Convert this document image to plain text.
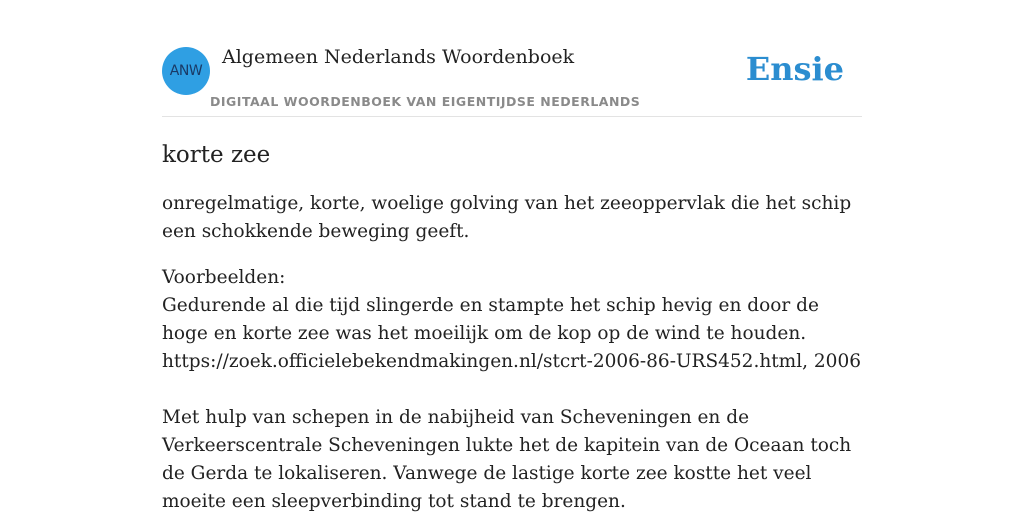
ANW
Algemeen Nederlands Woordenboek
DIGITAAL WOORDENBOEK VAN EIGENTIJDSE NEDERLANDS
Ensie
korte zee

onregelmatige, korte, woelige golving van het zeeoppervlak die het schip een schokkende beweging geeft.

Voorbeelden:

Gedurende al die tijd slingerde en stampte het schip hevig en door de hoge en korte zee was het moeilijk om de kop op de wind te houden.

https://zoek.officielebekendmakingen.nl/stcrt-2006-86-URS452.html, 2006

Met hulp van schepen in de nabijheid van Scheveningen en de Verkeerscentrale Scheveningen lukte het de kapitein van de Oceaan toch de Gerda te lokaliseren. Vanwege de lastige korte zee kostte het veel moeite een sleepverbinding tot stand te brengen.
